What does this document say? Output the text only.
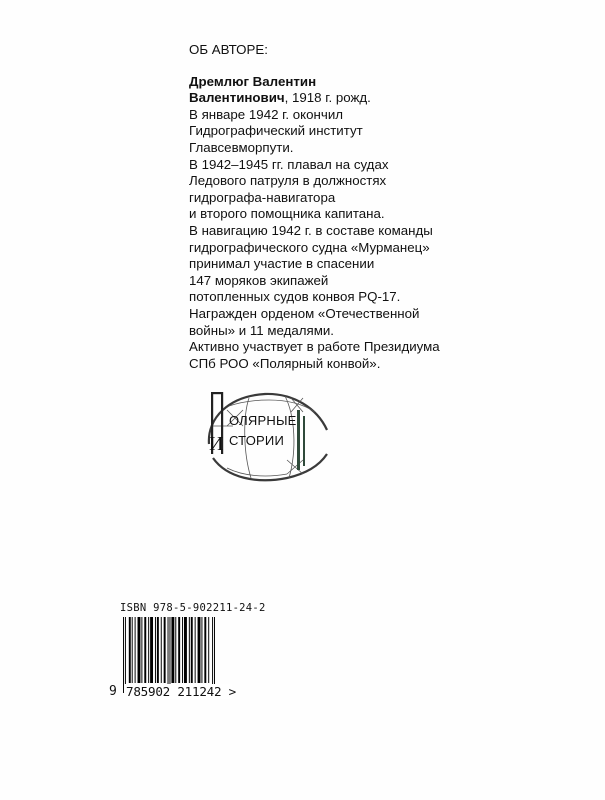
ОБ АВТОРЕ:
Дремлюг Валентин
Валентинович, 1918 г. рожд.
В январе 1942 г. окончил
Гидрографический институт
Главсевморпути.
В 1942–1945 гг. плавал на судах
Ледового патруля в должностях
гидрографа-навигатора
и второго помощника капитана.
В навигацию 1942 г. в составе команды
гидрографического судна «Мурманец»
принимал участие в спасении
147 моряков экипажей
потопленных судов конвоя PQ-17.
Награжден орденом «Отечественной
войны» и 11 медалями.
Активно участвует в работе Президиума
СПб РОО «Полярный конвой».
ОЛЯРНЫЕ
СТОРИИ
И
ISBN 978-5-902211-24-2
9 785902 211242 >
